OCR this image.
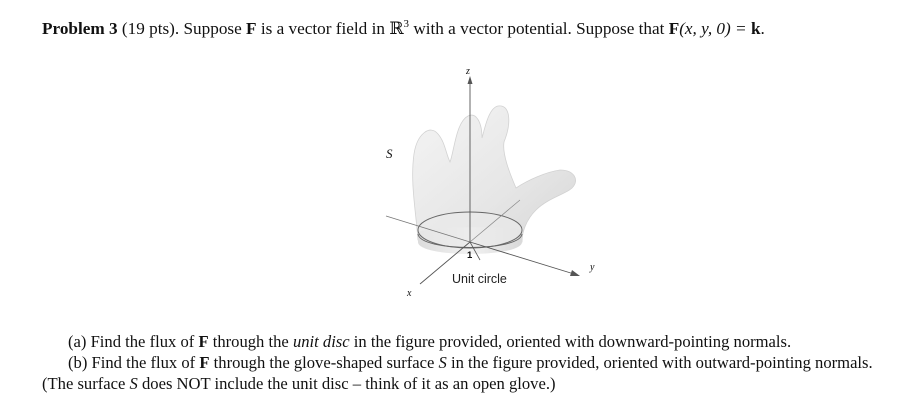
Problem 3 (19 pts). Suppose F is a vector field in ℝ$^3$ with a vector potential. Suppose that F(x, y, 0) = k.
z
S
y
x
1
Unit circle
(a) Find the flux of F through the unit disc in the figure provided, oriented with downward-pointing normals.
(b) Find the flux of F through the glove-shaped surface S in the figure provided, oriented with outward-pointing normals.
(The surface S does NOT include the unit disc – think of it as an open glove.)
